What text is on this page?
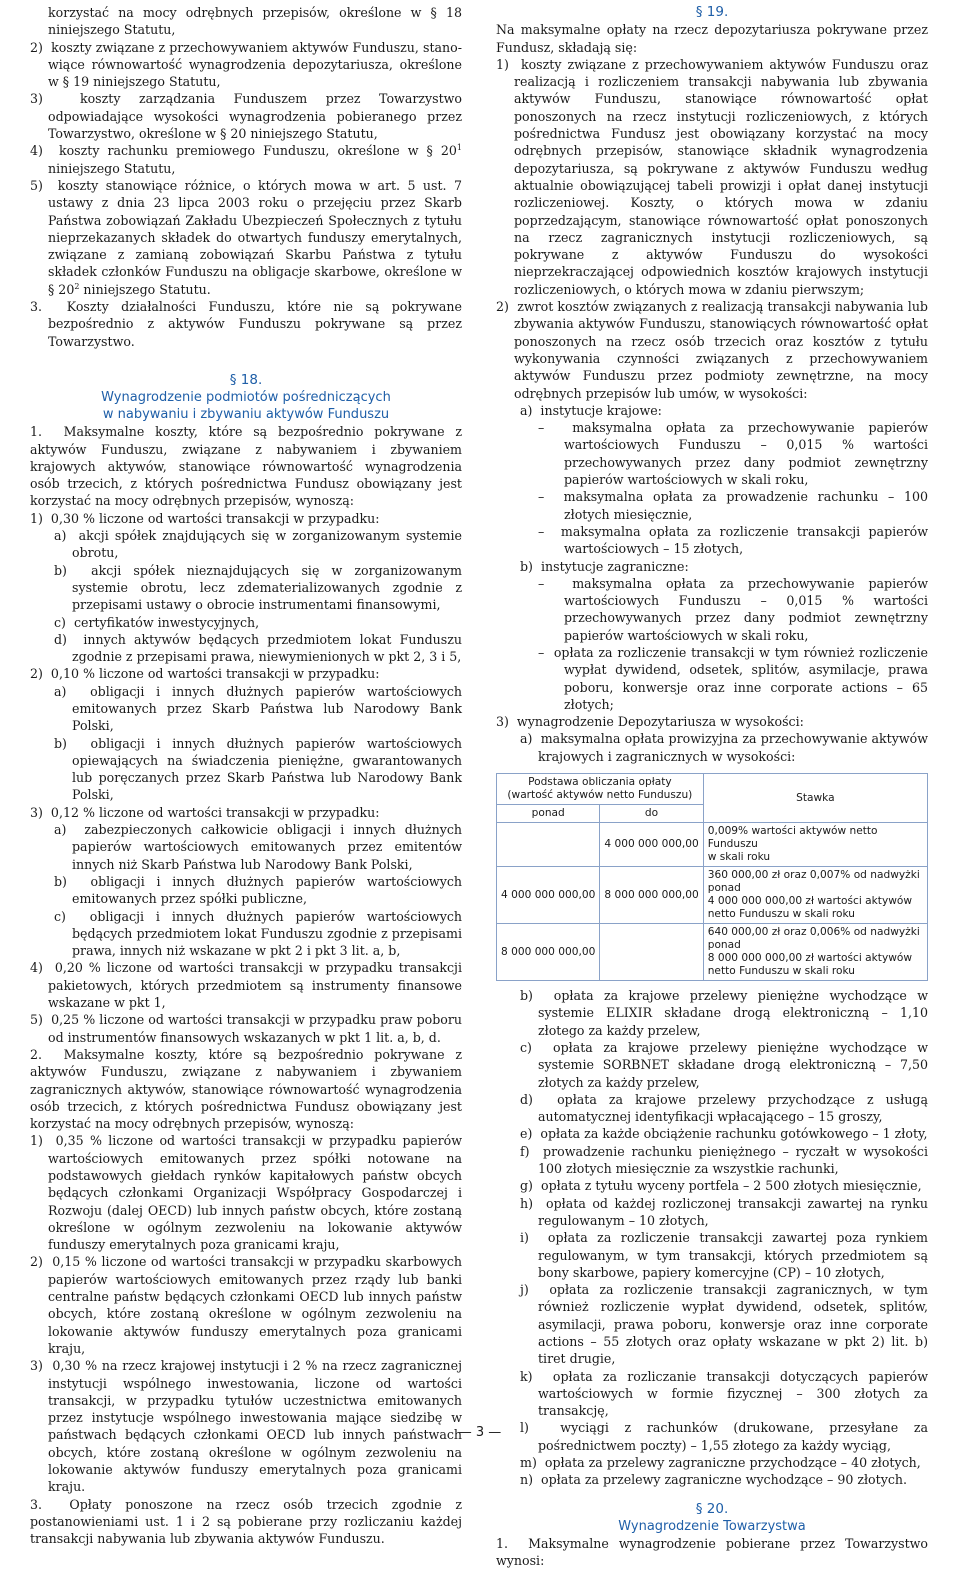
korzystać na mocy odrębnych przepisów, określone w § 18 niniejszego Statutu,

2)  koszty związane z przechowywaniem aktywów Funduszu, stanowiące równowartość wynagrodzenia depozytariusza, określone w § 19 niniejszego Statutu,

3)  koszty zarządzania Funduszem przez Towarzystwo odpowiadające wysokości wynagrodzenia pobieranego przez Towarzystwo, określone w § 20 niniejszego Statutu,

4)  koszty rachunku premiowego Funduszu, określone w § $20^1$ niniejszego Statutu,

5)  koszty stanowiące różnice, o których mowa w art. 5 ust. 7 ustawy z dnia 23 lipca 2003 roku o przejęciu przez Skarb Państwa zobowiązań Zakładu Ubezpieczeń Społecznych z tytułu nieprzekazanych składek do otwartych funduszy emerytalnych, związane z zamianą zobowiązań Skarbu Państwa z tytułu składek członków Funduszu na obligacje skarbowe, określone w § $20^2$ niniejszego Statutu.

3.  Koszty działalności Funduszu, które nie są pokrywane bezpośrednio z aktywów Funduszu pokrywane są przez Towarzystwo.

§ 18.
Wynagrodzenie podmiotów pośredniczących
w nabywaniu i zbywaniu aktywów Funduszu

1.  Maksymalne koszty, które są bezpośrednio pokrywane z aktywów Funduszu, związane z nabywaniem i zbywaniem krajowych aktywów, stanowiące równowartość wynagrodzenia osób trzecich, z których pośrednictwa Fundusz obowiązany jest korzystać na mocy odrębnych przepisów, wynoszą:

1)  0,30 % liczone od wartości transakcji w przypadku:

a)  akcji spółek znajdujących się w zorganizowanym systemie obrotu,

b)  akcji spółek nieznajdujących się w zorganizowanym systemie obrotu, lecz zdematerializowanych zgodnie z przepisami ustawy o obrocie instrumentami finansowymi,

c)  certyfikatów inwestycyjnych,

d)  innych aktywów będących przedmiotem lokat Funduszu zgodnie z przepisami prawa, niewymienionych w pkt 2, 3 i 5,

2)  0,10 % liczone od wartości transakcji w przypadku:

a)  obligacji i innych dłużnych papierów wartościowych emitowanych przez Skarb Państwa lub Narodowy Bank Polski,

b)  obligacji i innych dłużnych papierów wartościowych opiewających na świadczenia pieniężne, gwarantowanych lub poręczanych przez Skarb Państwa lub Narodowy Bank Polski,

3)  0,12 % liczone od wartości transakcji w przypadku:

a)  zabezpieczonych całkowicie obligacji i innych dłużnych papierów wartościowych emitowanych przez emitentów innych niż Skarb Państwa lub Narodowy Bank Polski,

b)  obligacji i innych dłużnych papierów wartościowych emitowanych przez spółki publiczne,

c)  obligacji i innych dłużnych papierów wartościowych będących przedmiotem lokat Funduszu zgodnie z przepisami prawa, innych niż wskazane w pkt 2 i pkt 3 lit. a, b,

4)  0,20 % liczone od wartości transakcji w przypadku transakcji pakietowych, których przedmiotem są instrumenty finansowe wskazane w pkt 1,

5)  0,25 % liczone od wartości transakcji w przypadku praw poboru od instrumentów finansowych wskazanych w pkt 1 lit. a, b, d.

2.  Maksymalne koszty, które są bezpośrednio pokrywane z aktywów Funduszu, związane z nabywaniem i zbywaniem zagranicznych aktywów, stanowiące równowartość wynagrodzenia osób trzecich, z których pośrednictwa Fundusz obowiązany jest korzystać na mocy odrębnych przepisów, wynoszą:

1)  0,35 % liczone od wartości transakcji w przypadku papierów wartościowych emitowanych przez spółki notowane na podstawowych giełdach rynków kapitałowych państw obcych będących członkami Organizacji Współpracy Gospodarczej i Rozwoju (dalej OECD) lub innych państw obcych, które zostaną określone w ogólnym zezwoleniu na lokowanie aktywów funduszy emerytalnych poza granicami kraju,

2)  0,15 % liczone od wartości transakcji w przypadku skarbowych papierów wartościowych emitowanych przez rządy lub banki centralne państw będących członkami OECD lub innych państw obcych, które zostaną określone w ogólnym zezwoleniu na lokowanie aktywów funduszy emerytalnych poza granicami kraju,

3)  0,30 % na rzecz krajowej instytucji i 2 % na rzecz zagranicznej instytucji wspólnego inwestowania, liczone od wartości transakcji, w przypadku tytułów uczestnictwa emitowanych przez instytucje wspólnego inwestowania mające siedzibę w państwach będących członkami OECD lub innych państwach obcych, które zostaną określone w ogólnym zezwoleniu na lokowanie aktywów funduszy emerytalnych poza granicami kraju.

3.  Opłaty ponoszone na rzecz osób trzecich zgodnie z postanowieniami ust. 1 i 2 są pobierane przy rozliczaniu każdej transakcji nabywania lub zbywania aktywów Funduszu.

§ 19.

Na maksymalne opłaty na rzecz depozytariusza pokrywane przez Fundusz, składają się:

1)  koszty związane z przechowywaniem aktywów Funduszu oraz realizacją i rozliczeniem transakcji nabywania lub zbywania aktywów Funduszu, stanowiące równowartość opłat ponoszonych na rzecz instytucji rozliczeniowych, z których pośrednictwa Fundusz jest obowiązany korzystać na mocy odrębnych przepisów, stanowiące składnik wynagrodzenia depozytariusza, są pokrywane z aktywów Funduszu według aktualnie obowiązującej tabeli prowizji i opłat danej instytucji rozliczeniowej. Koszty, o których mowa w zdaniu poprzedzającym, stanowiące równowartość opłat ponoszonych na rzecz zagranicznych instytucji rozliczeniowych, są pokrywane z aktywów Funduszu do wysokości nieprzekraczającej odpowiednich kosztów krajowych instytucji rozliczeniowych, o których mowa w zdaniu pierwszym;

2)  zwrot kosztów związanych z realizacją transakcji nabywania lub zbywania aktywów Funduszu, stanowiących równowartość opłat ponoszonych na rzecz osób trzecich oraz kosztów z tytułu wykonywania czynności związanych z przechowywaniem aktywów Funduszu przez podmioty zewnętrzne, na mocy odrębnych przepisów lub umów, w wysokości:

a)  instytucje krajowe:

–  maksymalna opłata za przechowywanie papierów wartościowych Funduszu – 0,015 % wartości przechowywanych przez dany podmiot zewnętrzny papierów wartościowych w skali roku,

–  maksymalna opłata za prowadzenie rachunku – 100 złotych miesięcznie,

–  maksymalna opłata za rozliczenie transakcji papierów wartościowych – 15 złotych,

b)  instytucje zagraniczne:

–  maksymalna opłata za przechowywanie papierów wartościowych Funduszu – 0,015 % wartości przechowywanych przez dany podmiot zewnętrzny papierów wartościowych w skali roku,

–  opłata za rozliczenie transakcji w tym również rozliczenie wypłat dywidend, odsetek, splitów, asymilacje, prawa poboru, konwersje oraz inne corporate actions – 65 złotych;

3)  wynagrodzenie Depozytariusza w wysokości:

a)  maksymalna opłata prowizyjna za przechowywanie aktywów krajowych i zagranicznych w wysokości:

Podstawa obliczania opłaty
(wartość aktywów netto Funduszu)		Stawka
ponad	do	
	4 000 000 000,00	0,009% wartości aktywów netto Funduszu
w skali roku

4 000 000 000,00	8 000 000 000,00	360 000,00 zł oraz 0,007% od nadwyżki ponad
4 000 000 000,00 zł wartości aktywów netto Funduszu w skali roku

8 000 000 000,00		640 000,00 zł oraz 0,006% od nadwyżki ponad
8 000 000 000,00 zł wartości aktywów netto Funduszu w skali roku

b)  opłata za krajowe przelewy pieniężne wychodzące w systemie ELIXIR składane drogą elektroniczną – 1,10 złotego za każdy przelew,

c)  opłata za krajowe przelewy pieniężne wychodzące w systemie SORBNET składane drogą elektroniczną – 7,50 złotych za każdy przelew,

d)  opłata za krajowe przelewy przychodzące z usługą automatycznej identyfikacji wpłacającego – 15 groszy,

e)  opłata za każde obciążenie rachunku gotówkowego – 1 złoty,

f)  prowadzenie rachunku pieniężnego – ryczałt w wysokości 100 złotych miesięcznie za wszystkie rachunki,

g)  opłata z tytułu wyceny portfela – 2 500 złotych miesięcznie,

h)  opłata od każdej rozliczonej transakcji zawartej na rynku regulowanym – 10 złotych,

i)  opłata za rozliczenie transakcji zawartej poza rynkiem regulowanym, w tym transakcji, których przedmiotem są bony skarbowe, papiery komercyjne (CP) – 10 złotych,

j)  opłata za rozliczenie transakcji zagranicznych, w tym również rozliczenie wypłat dywidend, odsetek, splitów, asymilacji, prawa poboru, konwersje oraz inne corporate actions – 55 złotych oraz opłaty wskazane w pkt 2) lit. b) tiret drugie,

k)  opłata za rozliczanie transakcji dotyczących papierów wartościowych w formie fizycznej – 300 złotych za transakcję,

l)  wyciągi z rachunków (drukowane, przesyłane za pośrednictwem poczty) – 1,55 złotego za każdy wyciąg,

m)  opłata za przelewy zagraniczne przychodzące – 40 złotych,

n)  opłata za przelewy zagraniczne wychodzące – 90 złotych.

§ 20.
Wynagrodzenie Towarzystwa

1.  Maksymalne wynagrodzenie pobierane przez Towarzystwo wynosi:

— 3 —
